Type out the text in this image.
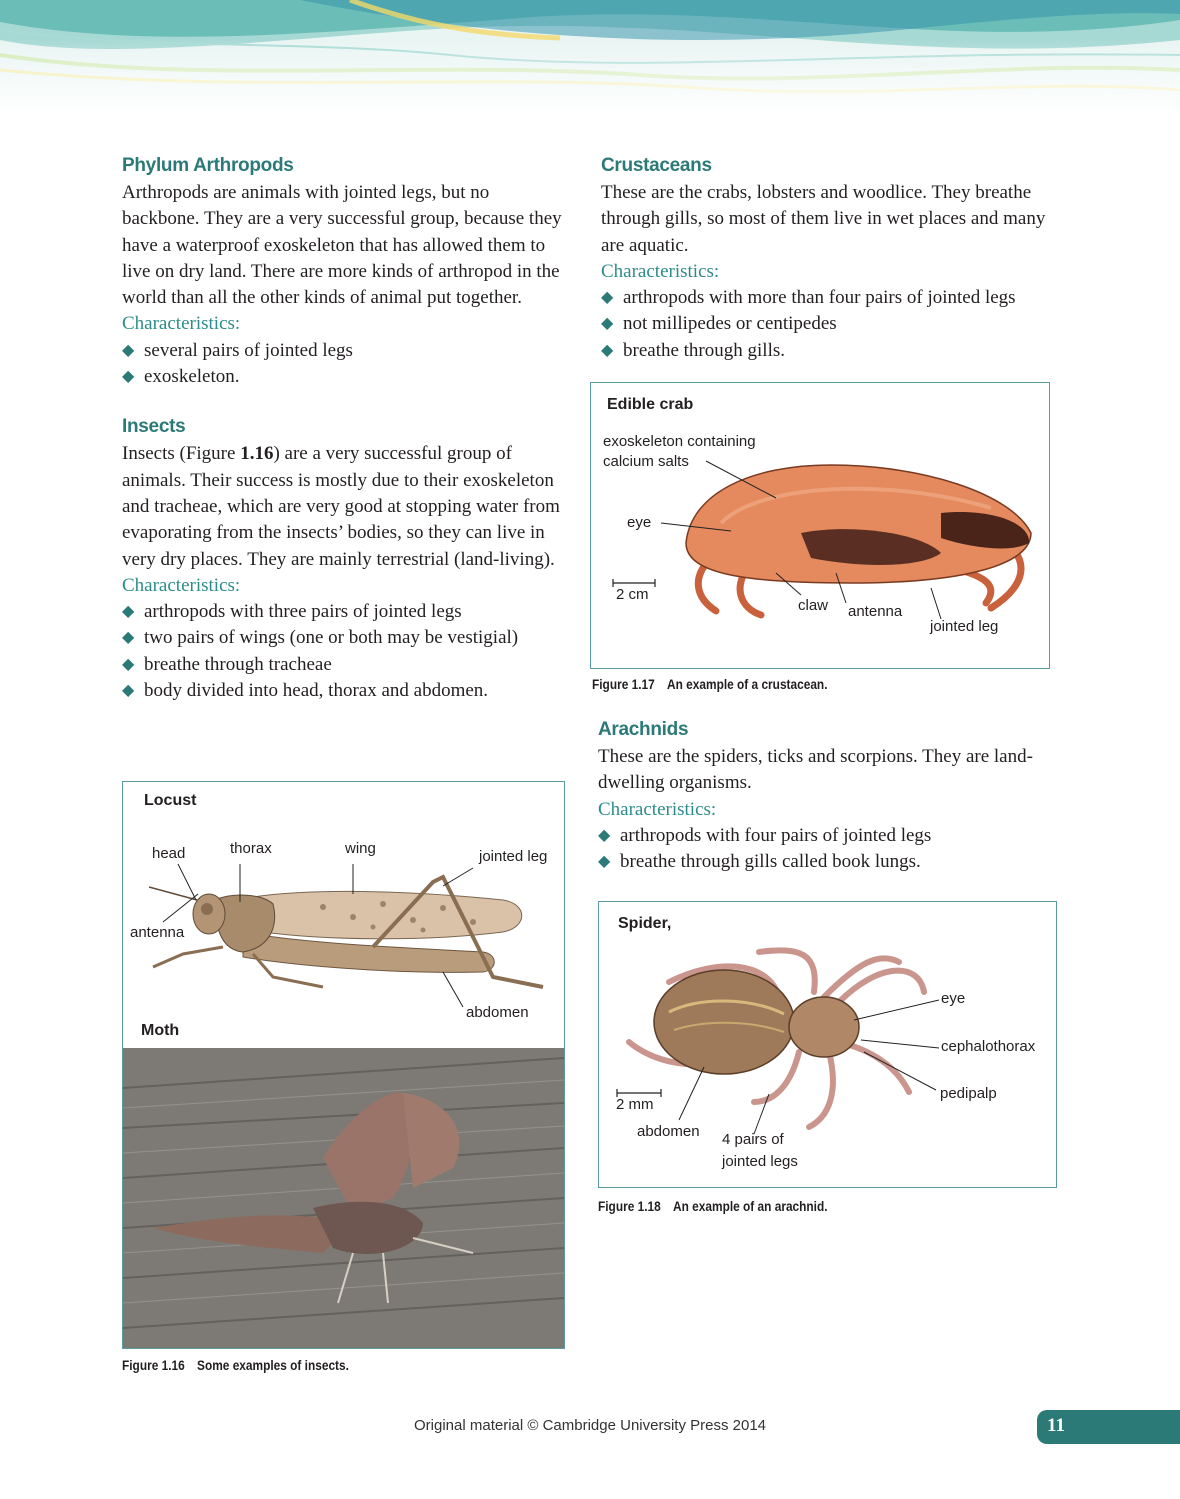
Phylum Arthropods

Arthropods are animals with jointed legs, but no backbone. They are a very successful group, because they have a waterproof exoskeleton that has allowed them to live on dry land. There are more kinds of arthropod in the world than all the other kinds of animal put together.

Characteristics:

◆ several pairs of jointed legs
◆ exoskeleton.
Insects

Insects (Figure 1.16) are a very successful group of animals. Their success is mostly due to their exoskeleton and tracheae, which are very good at stopping water from evaporating from the insects’ bodies, so they can live in very dry places. They are mainly terrestrial (land-living).

Characteristics:

◆ arthropods with three pairs of jointed legs
◆ two pairs of wings (one or both may be vestigial)
◆ breathe through tracheae
◆ body divided into head, thorax and abdomen.
Locust
head	thorax	wing	jointed leg
antenna
abdomen
Moth
Figure 1.16 Some examples of insects.
Crustaceans

These are the crabs, lobsters and woodlice. They breathe through gills, so most of them live in wet places and many are aquatic.

Characteristics:

◆ arthropods with more than four pairs of jointed legs
◆ not millipedes or centipedes
◆ breathe through gills.
Edible crab
exoskeleton containing
calcium salts
eye
2 cm
claw antenna
jointed leg
Figure 1.17 An example of a crustacean.
Arachnids

These are the spiders, ticks and scorpions. They are land-dwelling organisms.

Characteristics:

◆ arthropods with four pairs of jointed legs
◆ breathe through gills called book lungs.
Spider,
eye
cephalothorax
pedipalp
2 mm
abdomen 4 pairs of
jointed legs
Figure 1.18 An example of an arachnid.
Original material © Cambridge University Press 2014	11
